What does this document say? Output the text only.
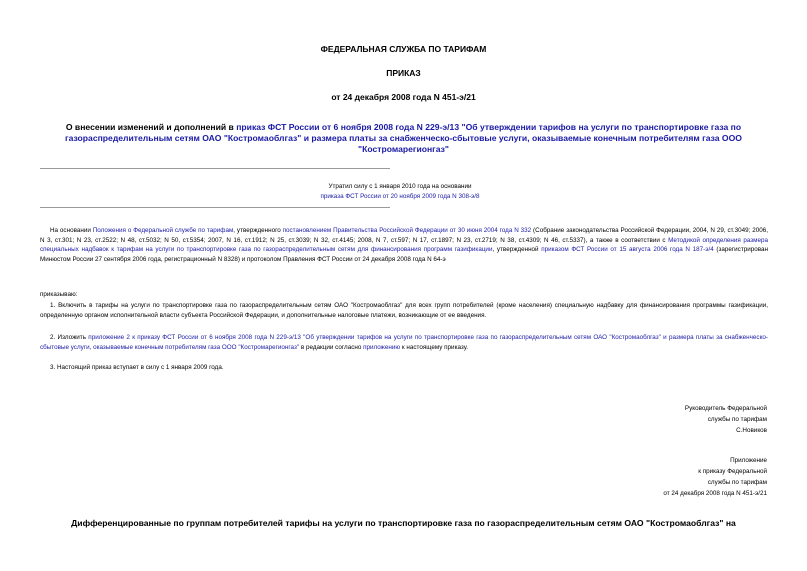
ФЕДЕРАЛЬНАЯ СЛУЖБА ПО ТАРИФАМ
ПРИКАЗ
от 24 декабря 2008 года N 451-э/21
О внесении изменений и дополнений в приказ ФСТ России от 6 ноября 2008 года N 229-э/13 "Об утверждении тарифов на услуги по транспортировке газа по газораспределительным сетям ОАО "Костромаоблгаз" и размера платы за снабженческо-сбытовые услуги, оказываемые конечным потребителям газа ООО "Костромарегионгаз"
Утратил силу с 1 января 2010 года на основании
приказа ФСТ России от 20 ноября 2009 года N 308-э/8
На основании Положения о Федеральной службе по тарифам, утвержденного постановлением Правительства Российской Федерации от 30 июня 2004 года N 332 (Собрание законодательства Российской Федерации, 2004, N 29, ст.3049; 2006, N 3, ст.301; N 23, ст.2522; N 48, ст.5032; N 50, ст.5354; 2007, N 16, ст.1912; N 25, ст.3039; N 32, ст.4145; 2008, N 7, ст.597; N 17, ст.1897; N 23, ст.2719; N 38, ст.4309; N 46, ст.5337), а также в соответствии с Методикой определения размера специальных надбавок к тарифам на услуги по транспортировке газа по газораспределительным сетям для финансирования программ газификации, утвержденной приказом ФСТ России от 15 августа 2006 года N 187-э/4 (зарегистрирован Минюстом России 27 сентября 2006 года, регистрационный N 8328) и протоколом Правления ФСТ России от 24 декабря 2008 года N 64-э
приказываю:
1. Включить в тарифы на услуги по транспортировке газа по газораспределительным сетям ОАО "Костромаоблгаз" для всех групп потребителей (кроме населения) специальную надбавку для финансирования программы газификации, определенную органом исполнительной власти субъекта Российской Федерации, и дополнительные налоговые платежи, возникающие от ее введения.
2. Изложить приложение 2 к приказу ФСТ России от 6 ноября 2008 года N 229-э/13 "Об утверждении тарифов на услуги по транспортировке газа по газораспределительным сетям ОАО "Костромаоблгаз" и размера платы за снабженческо-сбытовые услуги, оказываемые конечным потребителям газа ООО "Костромарегионгаз" в редакции согласно приложению к настоящему приказу.
3. Настоящий приказ вступает в силу с 1 января 2009 года.
Руководитель Федеральной
службы по тарифам
С.Новиков
Приложение
к приказу Федеральной
службы по тарифам
от 24 декабря 2008 года N 451-э/21
Дифференцированные по группам потребителей тарифы на услуги по транспортировке газа по газораспределительным сетям ОАО "Костромаоблгаз" на
